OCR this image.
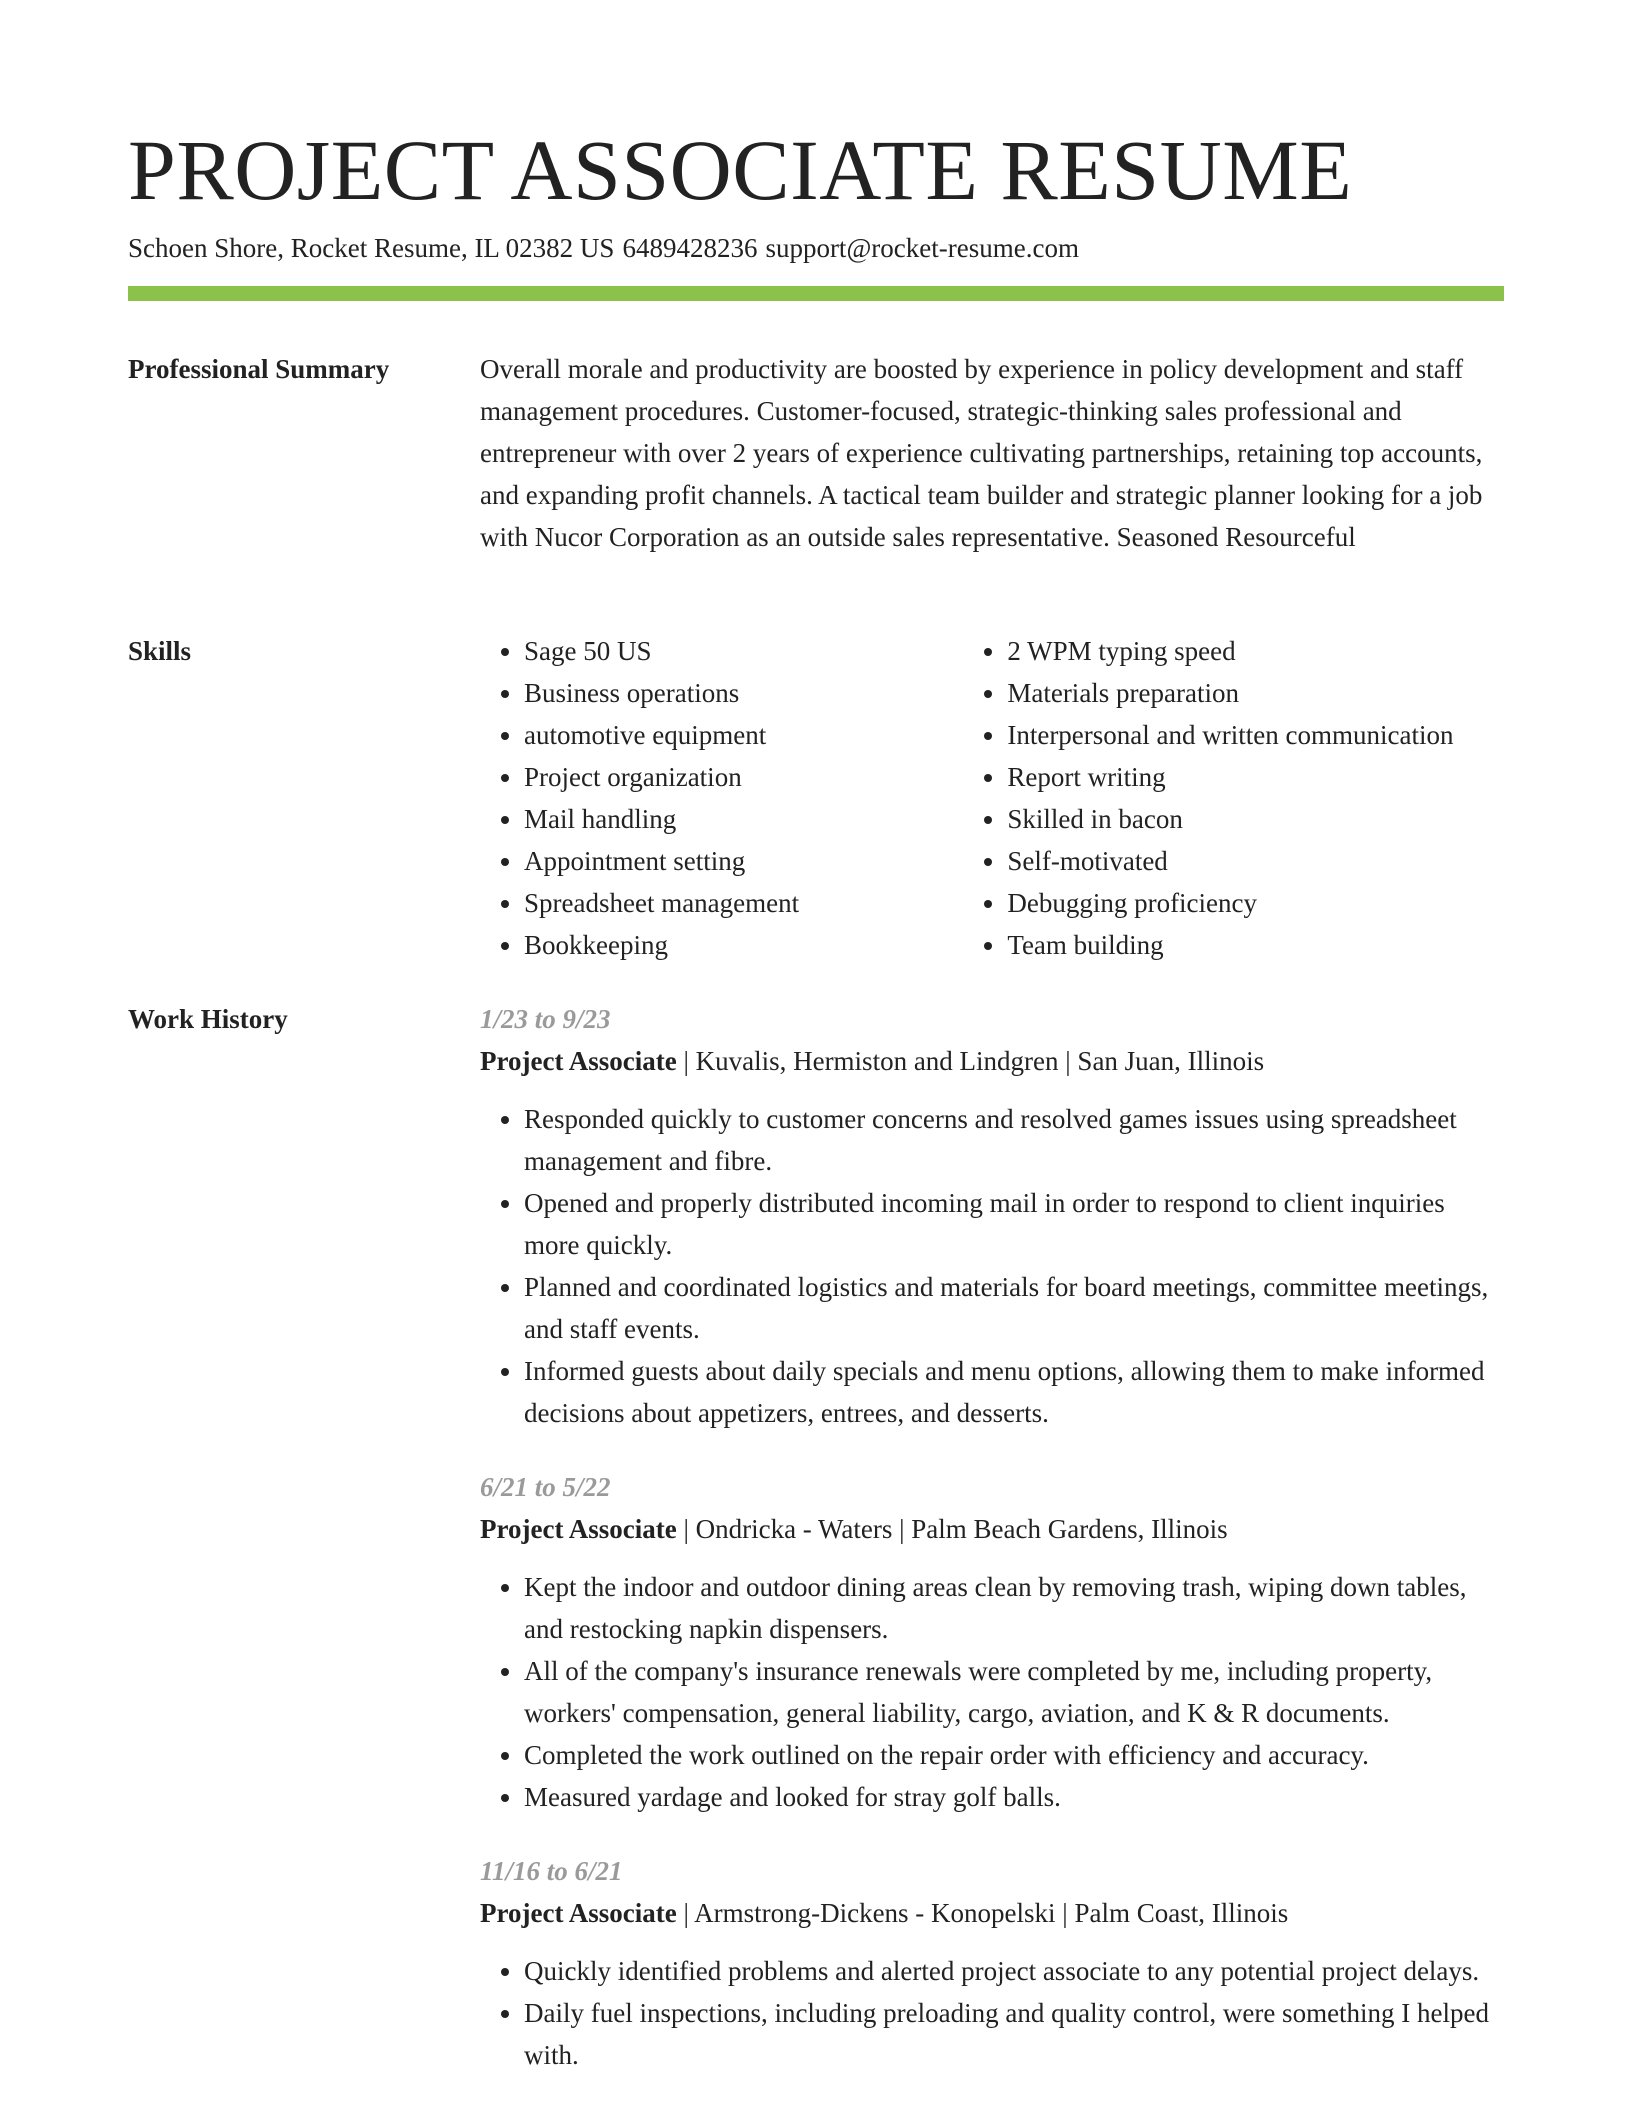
PROJECT ASSOCIATE RESUME
Schoen Shore, Rocket Resume, IL 02382 US 6489428236 support@rocket-resume.com
Professional Summary	Overall morale and productivity are boosted by experience in policy development and staff management procedures. Customer-focused, strategic-thinking sales professional and entrepreneur with over 2 years of experience cultivating partnerships, retaining top accounts, and expanding profit channels. A tactical team builder and strategic planner looking for a job with Nucor Corporation as an outside sales representative. Seasoned Resourceful

Skills
•	Sage 50 US
• Business operations
• automotive equipment
• Project organization
• Mail handling
• Appointment setting
• Spreadsheet management
• Bookkeeping
• 2 WPM typing speed
• Materials preparation
• Interpersonal and written communication
• Report writing
• Skilled in bacon
• Self-motivated
• Debugging proficiency
• Team building
Work History	1/23 to 9/23
Project Associate | Kuvalis, Hermiston and Lindgren | San Juan, Illinois
• Responded quickly to customer concerns and resolved games issues using spreadsheet management and fibre.
• Opened and properly distributed incoming mail in order to respond to client inquiries more quickly.
• Planned and coordinated logistics and materials for board meetings, committee meetings, and staff events.
• Informed guests about daily specials and menu options, allowing them to make informed decisions about appetizers, entrees, and desserts.
6/21 to 5/22
Project Associate | Ondricka - Waters | Palm Beach Gardens, Illinois
• Kept the indoor and outdoor dining areas clean by removing trash, wiping down tables, and restocking napkin dispensers.
• All of the company's insurance renewals were completed by me, including property, workers' compensation, general liability, cargo, aviation, and K & R documents.
• Completed the work outlined on the repair order with efficiency and accuracy.
• Measured yardage and looked for stray golf balls.
11/16 to 6/21
Project Associate | Armstrong-Dickens - Konopelski | Palm Coast, Illinois
• Quickly identified problems and alerted project associate to any potential project delays.
• Daily fuel inspections, including preloading and quality control, were something I helped with.
